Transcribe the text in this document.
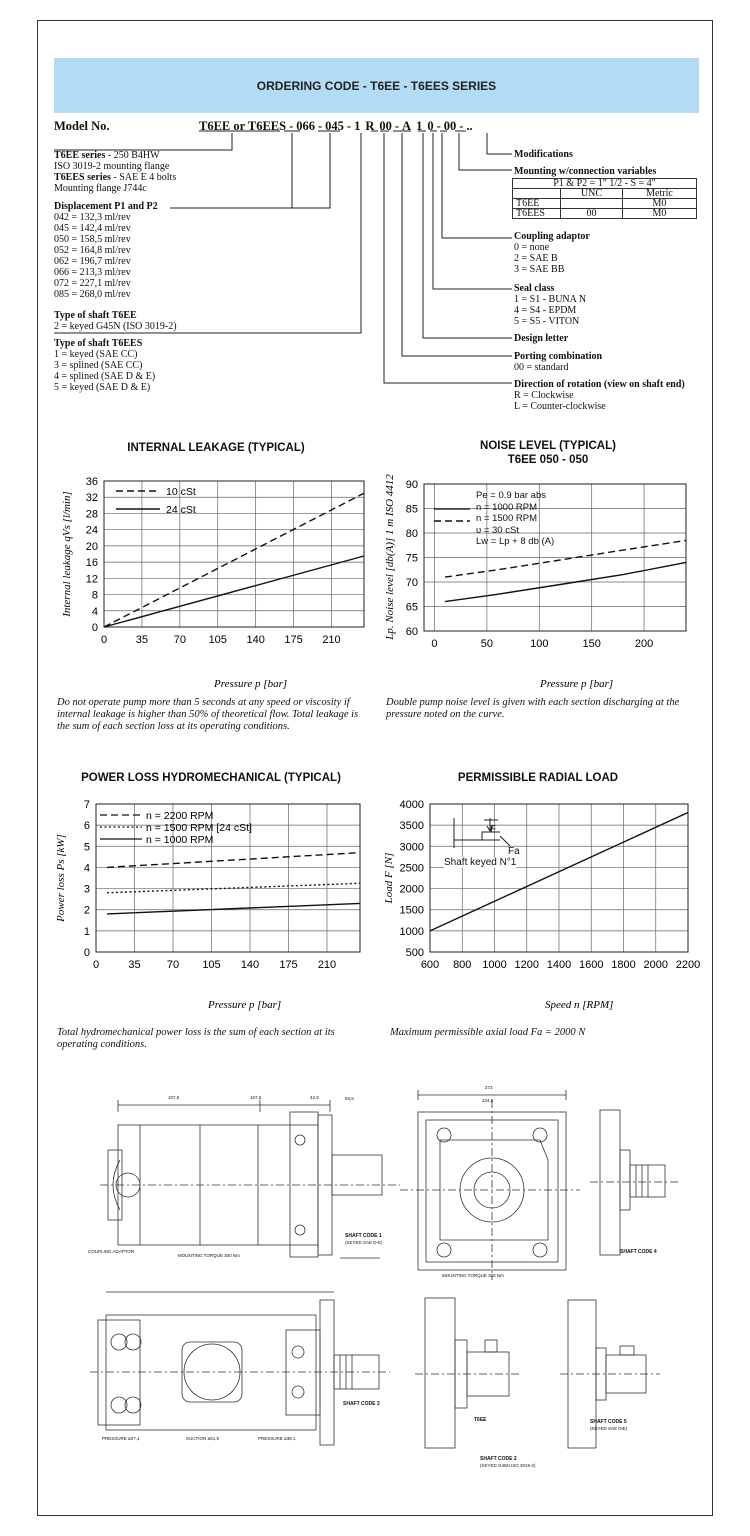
ORDERING CODE - T6EE - T6EES SERIES
Model No.	T6EE or T6EES - 066 - 045 - 1 R 00 - A 1 0 - 00 - ..
T6EE series - 250 B4HW
ISO 3019-2 mounting flange
T6EES series - SAE E 4 bolts
Mounting flange J744c
Displacement P1 and P2
042 = 132,3 ml/rev
045 = 142,4 ml/rev
050 = 158,5 ml/rev
052 = 164,8 ml/rev
062 = 196,7 ml/rev
066 = 213,3 ml/rev
072 = 227,1 ml/rev
085 = 268,0 ml/rev
Type of shaft T6EE
2 = keyed G45N (ISO 3019-2)
Type of shaft T6EES
1 = keyed (SAE CC)
3 = splined (SAE CC)
4 = splined (SAE D & E)
5 = keyed (SAE D & E)
Modifications
Mounting w/connection variables
P1 & P2 = 1" 1/2 - S = 4"		
	UNC	Metric
T6EE		M0
T6EES	00	M0
Coupling adaptor
0 = none
2 = SAE B
3 = SAE BB
Seal class
1 = S1 - BUNA N
4 = S4 - EPDM
5 = S5 - VITON
Design letter
Porting combination
00 = standard
Direction of rotation (view on shaft end)
R = Clockwise
L = Counter-clockwise
INTERNAL LEAKAGE (TYPICAL)	NOISE LEVEL (TYPICAL)
T6EE 050 - 050
POWER LOSS HYDROMECHANICAL (TYPICAL)	PERMISSIBLE RADIAL LOAD
0
4
8
12
16
20
24
28
32
36
0	35 70 105 140 175 210
Pressure p [bar]
Internal leakage qVs [l/min]
60
65
70
75
80
85
90
0	50	100	150	200
Pressure p [bar]
Lp. Noise level [db(A)] 1 m ISO 4412
0
1
2
3
4
5
6
7
0	35 70 105 140 175 210
Pressure p [bar]
Power loss Ps [kW]
500
1000
1500
2000
2500
3000
3500
4000
600 800 1000 1200 1400 1600 1800 2000 2200
Speed n [RPM]
Load F [N]
10 cSt
24 cSt
n = 2200 RPM
n = 1500 RPM [24 cSt]
n = 1000 RPM
Do not operate pump more than 5 seconds at any speed or viscosity if internal leakage is higher than 50% of theoretical flow. Total leakage is the sum of each section loss at its operating conditions.
Double pump noise level is given with each section discharging at the pressure noted on the curve.
Total hydromechanical power loss is the sum of each section at its operating conditions.
Maximum permissible axial load Fa = 2000 N
Pe = 0.9 bar abs
n = 1000 RPM
n = 1500 RPM
υ = 30 cSt
Lw = Lp + 8 db (A)
F
Fa
Shaft keyed N°1
COUPLING ADAPTOR
MOUNTING TORQUE 300 Nm
SHAFT CODE 1
(KEYED SAE D-E)
MOUNTING TORQUE 300 Nm
SHAFT CODE 4
SHAFT CODE 3
PRESSURE ø27,1	SUCTION ø61,9	PRESSURE ø38,1
T6EE
SHAFT CODE 2
(KEYED G45N ISO 3019-2)
SHAFT CODE 5
(KEYED SAE DIE)
107,5	157,5	42,8
273
224,5
93,5
